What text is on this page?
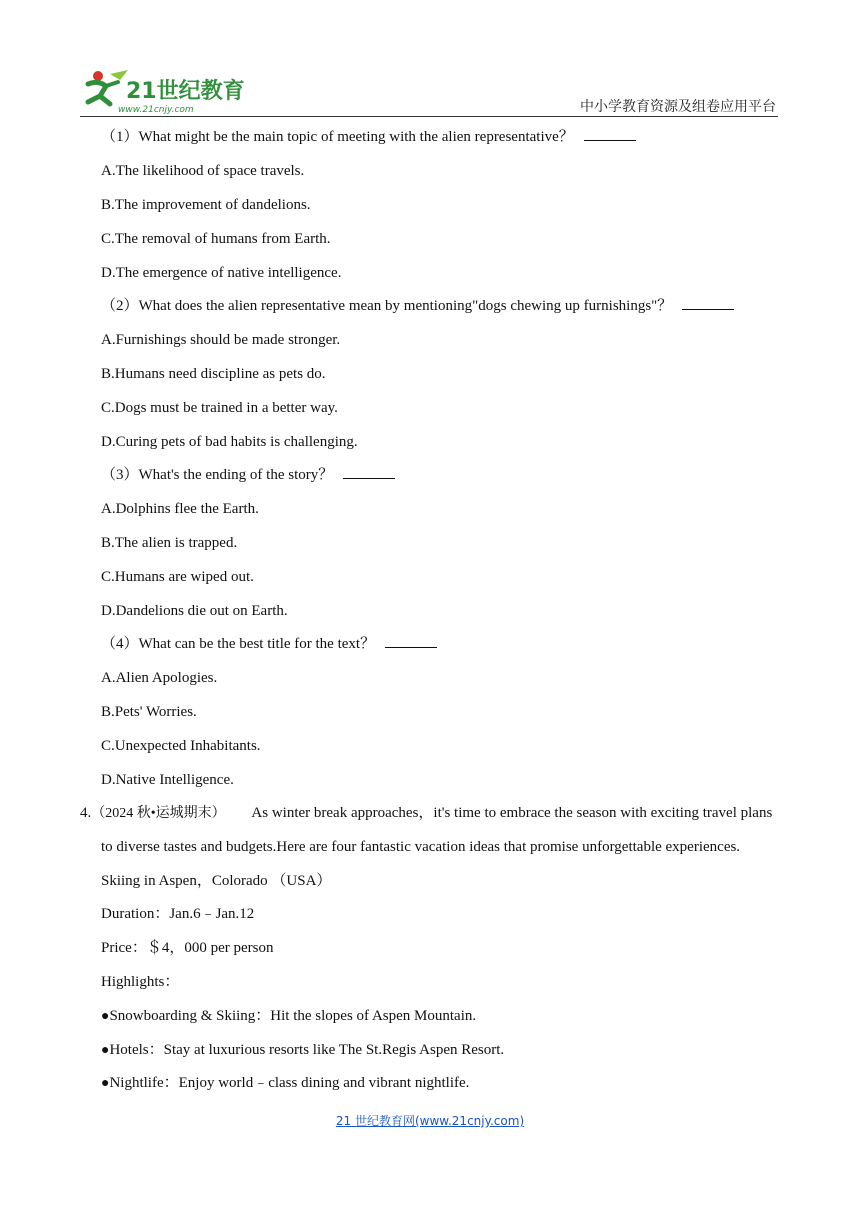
21世纪教育
www.21cnjy.com	中小学教育资源及组卷应用平台
（1）What might be the main topic of meeting with the alien representative？
A.The likelihood of space travels.
B.The improvement of dandelions.
C.The removal of humans from Earth.
D.The emergence of native intelligence.
（2）What does the alien representative mean by mentioning"dogs chewing up furnishings"？
A.Furnishings should be made stronger.
B.Humans need discipline as pets do.
C.Dogs must be trained in a better way.
D.Curing pets of bad habits is challenging.
（3）What's the ending of the story？
A.Dolphins flee the Earth.
B.The alien is trapped.
C.Humans are wiped out.
D.Dandelions die out on Earth.
（4）What can be the best title for the text？
A.Alien Apologies.
B.Pets' Worries.
C.Unexpected Inhabitants.
D.Native Intelligence.
4.（2024 秋•运城期末） As winter break approaches，it's time to embrace the season with exciting travel plans
to diverse tastes and budgets.Here are four fantastic vacation ideas that promise unforgettable experiences.
Skiing in Aspen，Colorado （USA）
Duration：Jan.6﹣Jan.12
Price：＄4，000 per person
Highlights：
●Snowboarding & Skiing：Hit the slopes of Aspen Mountain.
●Hotels：Stay at luxurious resorts like The St.Regis Aspen Resort.
●Nightlife：Enjoy world﹣class dining and vibrant nightlife.
21 世纪教育网(www.21cnjy.com)
